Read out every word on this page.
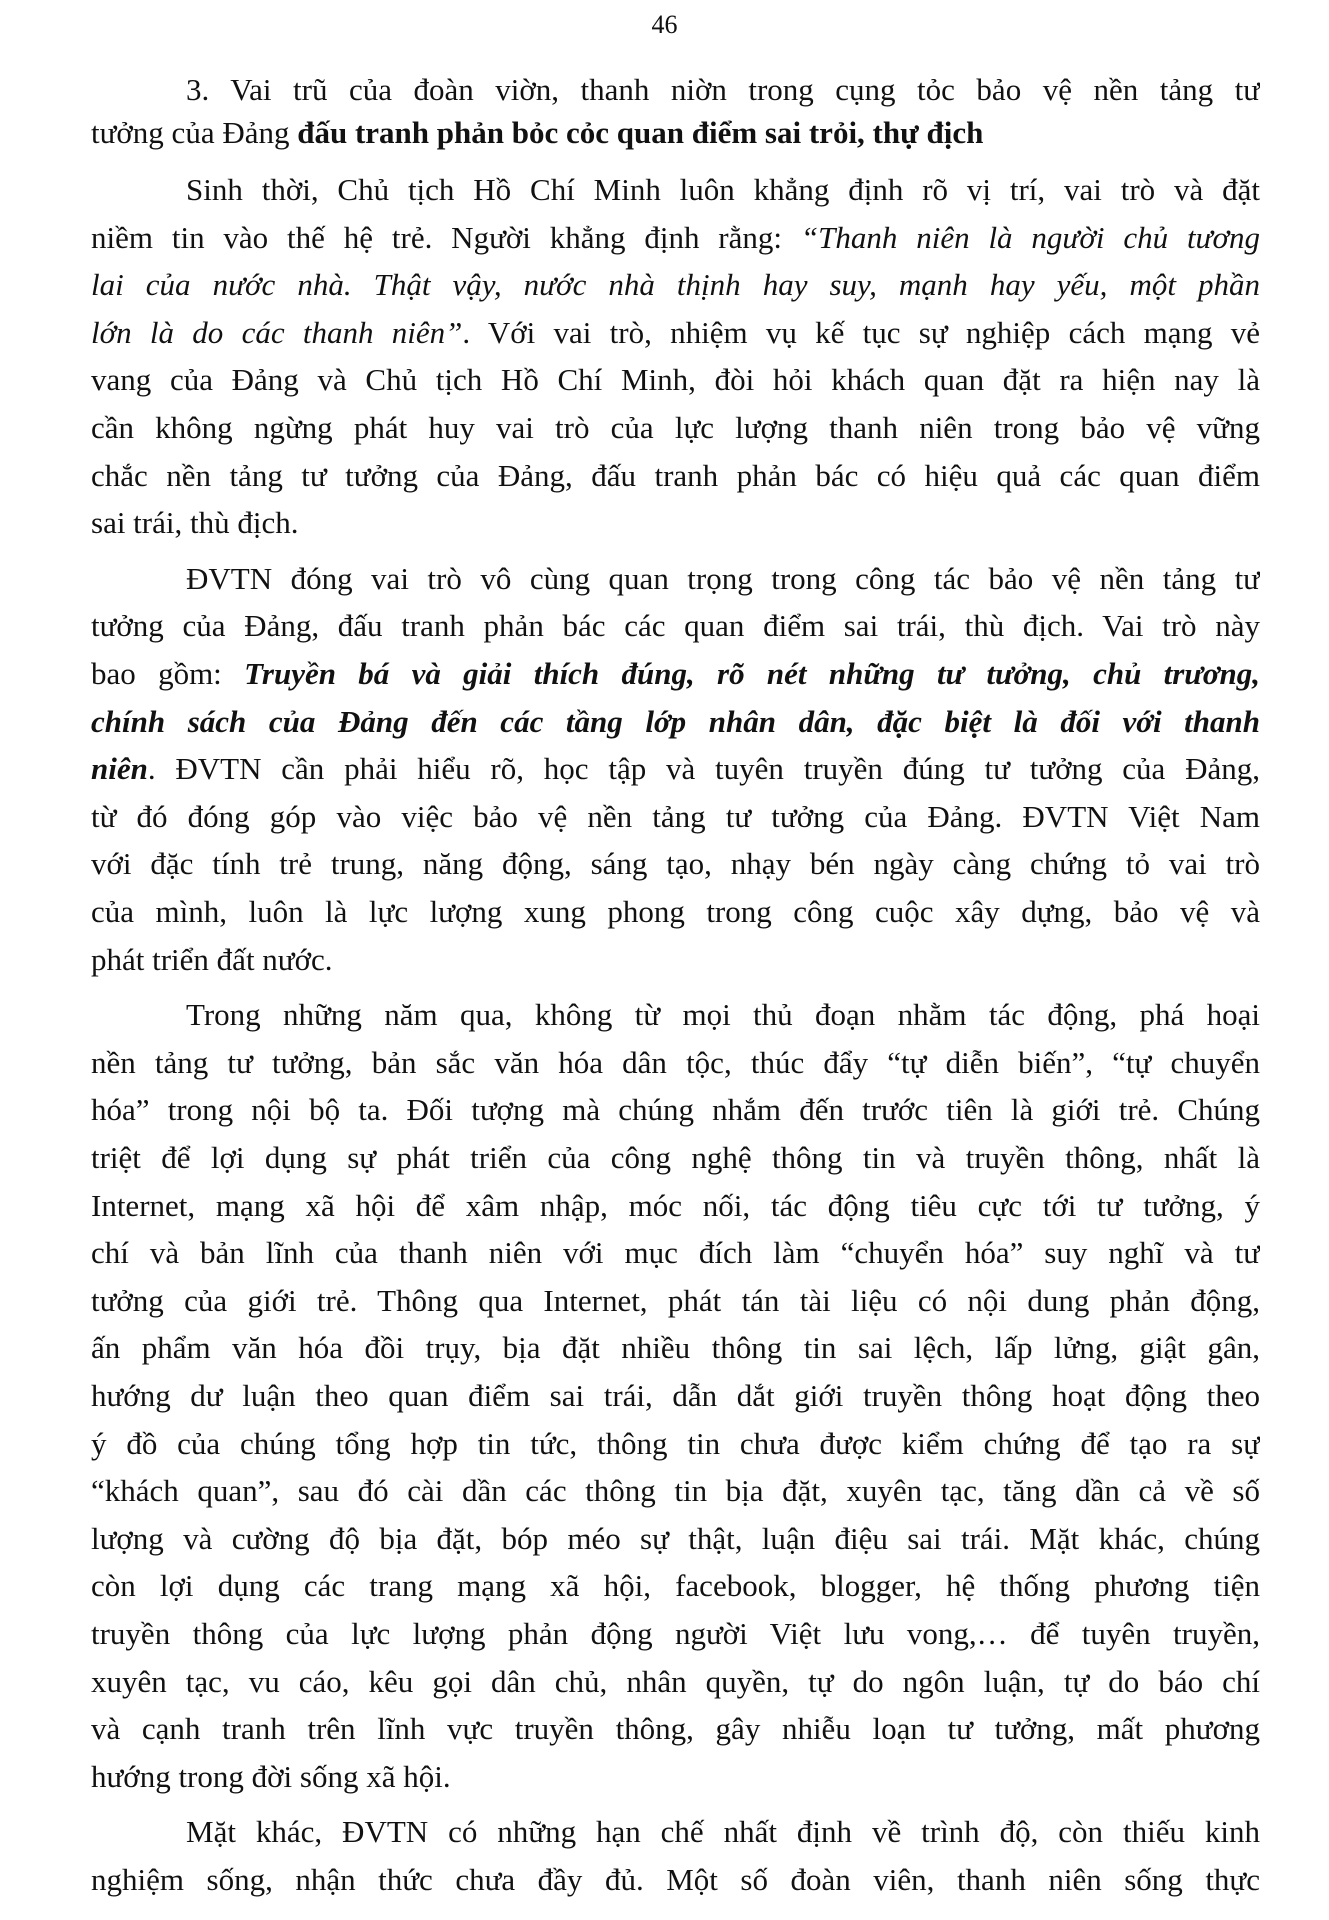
46
3. Vai trũ của đoàn viờn, thanh niờn trong cụng tỏc bảo vệ nền tảng tư
tưởng của Đảng đấu tranh phản bỏc cỏc quan điểm sai trỏi, thự địch
Sinh thời, Chủ tịch Hồ Chí Minh luôn khẳng định rõ vị trí, vai trò và đặt
niềm tin vào thế hệ trẻ. Người khẳng định rằng: “Thanh niên là người chủ tương
lai của nước nhà. Thật vậy, nước nhà thịnh hay suy, mạnh hay yếu, một phần
lớn là do các thanh niên”. Với vai trò, nhiệm vụ kế tục sự nghiệp cách mạng vẻ
vang của Đảng và Chủ tịch Hồ Chí Minh, đòi hỏi khách quan đặt ra hiện nay là
cần không ngừng phát huy vai trò của lực lượng thanh niên trong bảo vệ vững
chắc nền tảng tư tưởng của Đảng, đấu tranh phản bác có hiệu quả các quan điểm
sai trái, thù địch.
ĐVTN đóng vai trò vô cùng quan trọng trong công tác bảo vệ nền tảng tư
tưởng của Đảng, đấu tranh phản bác các quan điểm sai trái, thù địch. Vai trò này
bao gồm: Truyền bá và giải thích đúng, rõ nét những tư tưởng, chủ trương,
chính sách của Đảng đến các tầng lớp nhân dân, đặc biệt là đối với thanh
niên. ĐVTN cần phải hiểu rõ, học tập và tuyên truyền đúng tư tưởng của Đảng,
từ đó đóng góp vào việc bảo vệ nền tảng tư tưởng của Đảng. ĐVTN Việt Nam
với đặc tính trẻ trung, năng động, sáng tạo, nhạy bén ngày càng chứng tỏ vai trò
của mình, luôn là lực lượng xung phong trong công cuộc xây dựng, bảo vệ và
phát triển đất nước.
Trong những năm qua, không từ mọi thủ đoạn nhằm tác động, phá hoại
nền tảng tư tưởng, bản sắc văn hóa dân tộc, thúc đẩy “tự diễn biến”, “tự chuyển
hóa” trong nội bộ ta. Đối tượng mà chúng nhắm đến trước tiên là giới trẻ. Chúng
triệt để lợi dụng sự phát triển của công nghệ thông tin và truyền thông, nhất là
Internet, mạng xã hội để xâm nhập, móc nối, tác động tiêu cực tới tư tưởng, ý
chí và bản lĩnh của thanh niên với mục đích làm “chuyển hóa” suy nghĩ và tư
tưởng của giới trẻ. Thông qua Internet, phát tán tài liệu có nội dung phản động,
ấn phẩm văn hóa đồi trụy, bịa đặt nhiều thông tin sai lệch, lấp lửng, giật gân,
hướng dư luận theo quan điểm sai trái, dẫn dắt giới truyền thông hoạt động theo
ý đồ của chúng tổng hợp tin tức, thông tin chưa được kiểm chứng để tạo ra sự
“khách quan”, sau đó cài dần các thông tin bịa đặt, xuyên tạc, tăng dần cả về số
lượng và cường độ bịa đặt, bóp méo sự thật, luận điệu sai trái. Mặt khác, chúng
còn lợi dụng các trang mạng xã hội, facebook, blogger, hệ thống phương tiện
truyền thông của lực lượng phản động người Việt lưu vong,… để tuyên truyền,
xuyên tạc, vu cáo, kêu gọi dân chủ, nhân quyền, tự do ngôn luận, tự do báo chí
và cạnh tranh trên lĩnh vực truyền thông, gây nhiễu loạn tư tưởng, mất phương
hướng trong đời sống xã hội.
Mặt khác, ĐVTN có những hạn chế nhất định về trình độ, còn thiếu kinh
nghiệm sống, nhận thức chưa đầy đủ. Một số đoàn viên, thanh niên sống thực
